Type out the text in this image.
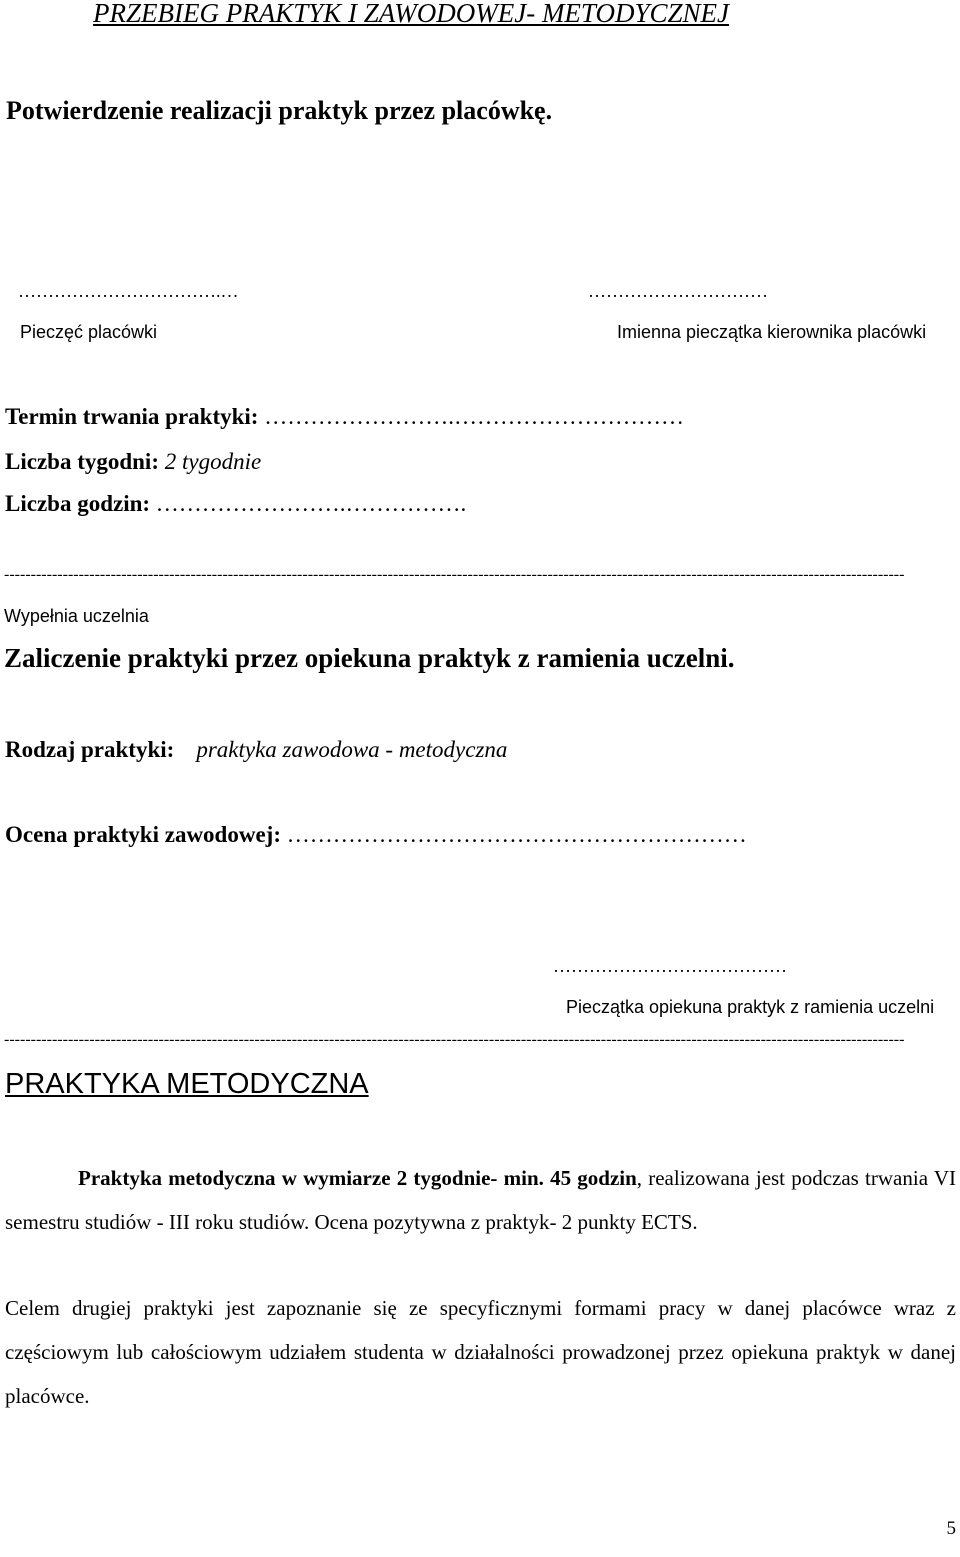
PRZEBIEG PRAKTYK I ZAWODOWEJ- METODYCZNEJ
Potwierdzenie realizacji praktyk przez placówkę.
…………………………….…	…………………………
Pieczęć placówki	Imienna pieczątka kierownika placówki
Termin trwania praktyki: …………………….…………………………
Liczba tygodni: 2 tygodnie
Liczba godzin: …………………….…………….
-------------------------------------------------------------------------------------------------------------------------------------------------------------------------
Wypełnia uczelnia
Zaliczenie praktyki przez opiekuna praktyk z ramienia uczelni.
Rodzaj praktyki: praktyka zawodowa - metodyczna
Ocena praktyki zawodowej: ……………………………………………………
…………………………………
Pieczątka opiekuna praktyk z ramienia uczelni
-------------------------------------------------------------------------------------------------------------------------------------------------------------------------
PRAKTYKA METODYCZNA
Praktyka metodyczna w wymiarze 2 tygodnie- min. 45 godzin, realizowana jest podczas trwania VI semestru studiów - III roku studiów. Ocena pozytywna z praktyk- 2 punkty ECTS.
Celem drugiej praktyki jest zapoznanie się ze specyficznymi formami pracy w danej placówce wraz z częściowym lub całościowym udziałem studenta w działalności prowadzonej przez opiekuna praktyk w danej placówce.
5
